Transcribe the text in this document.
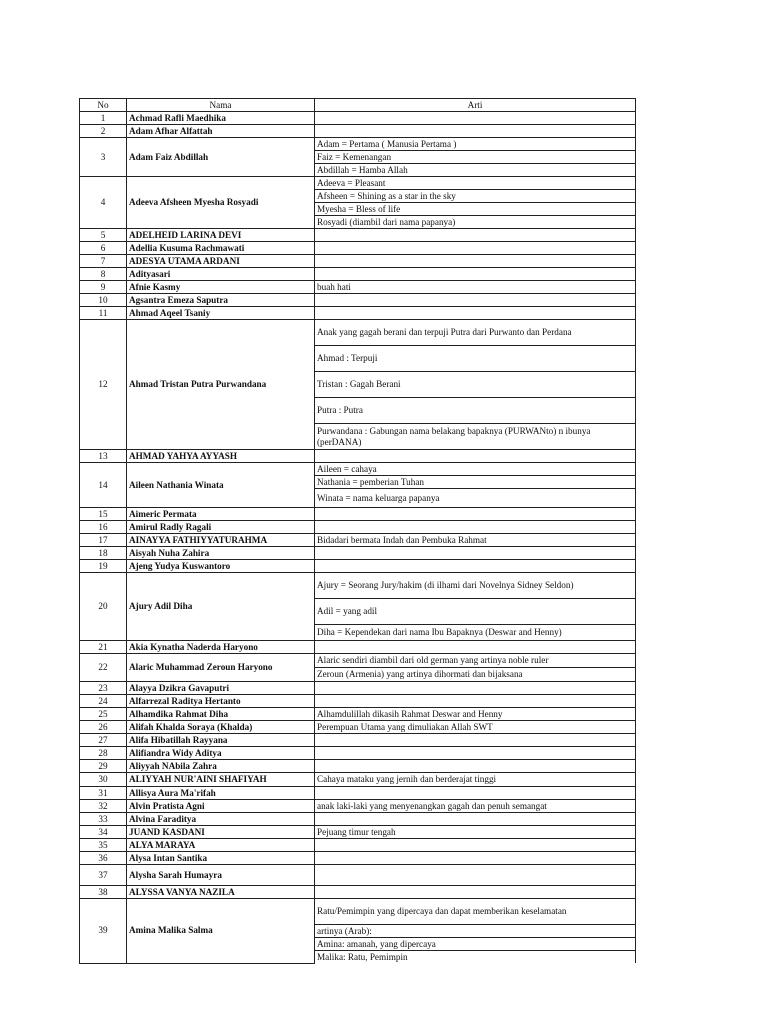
No	Nama	Arti
1	Achmad Rafli Maedhika	
2	Adam Afhar Alfattah	
3	Adam Faiz Abdillah	Adam = Pertama ( Manusia Pertama )
		Faiz = Kemenangan
		Abdillah = Hamba Allah
4	Adeeva Afsheen Myesha Rosyadi	Adeeva = Pleasant
		Afsheen = Shining as a star in the sky
		Myesha = Bless of life
		Rosyadi (diambil dari nama papanya)
5	ADELHEID LARINA DEVI	
6	Adellia Kusuma Rachmawati	
7	ADESYA UTAMA ARDANI	
8	Adityasari	
9	Afnie Kasmy	buah hati
10	Agsantra Emeza Saputra	
11	Ahmad Aqeel Tsaniy	
12	Ahmad Tristan Putra Purwandana	Anak yang gagah berani dan terpuji Putra dari Purwanto dan Perdana
		Ahmad : Terpuji
		Tristan : Gagah Berani
		Putra : Putra
		Purwandana : Gabungan nama belakang bapaknya (PURWANto) n ibunya (perDANA)
13	AHMAD YAHYA AYYASH	
14	Aileen Nathania Winata	Aileen = cahaya
		Nathania = pemberian Tuhan
		Winata = nama keluarga papanya
15	Aimeric Permata	
16	Amirul Radly Ragali	
17	AINAYYA FATHIYYATURAHMA	Bidadari bermata Indah dan Pembuka Rahmat
18	Aisyah Nuha Zahira	
19	Ajeng Yudya Kuswantoro	
20	Ajury Adil Diha	Ajury = Seorang Jury/hakim (di ilhami dari Novelnya Sidney Seldon)
		Adil = yang adil
		Diha = Kependekan dari nama Ibu Bapaknya (Deswar and Henny)
21	Akia Kynatha Naderda Haryono	
22	Alaric Muhammad Zeroun Haryono	Alaric sendiri diambil dari old german yang artinya noble ruler
		Zeroun (Armenia) yang artinya dihormati dan bijaksana
23	Alayya Dzikra Gavaputri	
24	Alfarrezal Raditya Hertanto	
25	Alhamdika Rahmat Diha	Alhamdulillah dikasih Rahmat Deswar and Henny
26	Alifah Khalda Soraya (Khalda)	Perempuan Utama yang dimuliakan Allah SWT
27	Alifa Hibatillah Rayyana	
28	Alifiandra Widy Aditya	
29	Aliyyah NAbila Zahra	
30	ALIYYAH NUR'AINI SHAFIYAH	Cahaya mataku yang jernih dan berderajat tinggi
31	Allisya Aura Ma'rifah	
32	Alvin Pratista Agni	anak laki-laki yang menyenangkan gagah dan penuh semangat
33	Alvina Faraditya	
34	JUAND KASDANI	Pejuang timur tengah
35	ALYA MARAYA	
36	Alysa Intan Santika	
37	Alysha Sarah Humayra	
38	ALYSSA VANYA NAZILA	
39	Amina Malika Salma	Ratu/Pemimpin yang dipercaya dan dapat memberikan keselamatan
		artinya (Arab):
		Amina: amanah, yang dipercaya
		Malika: Ratu, Pemimpin
